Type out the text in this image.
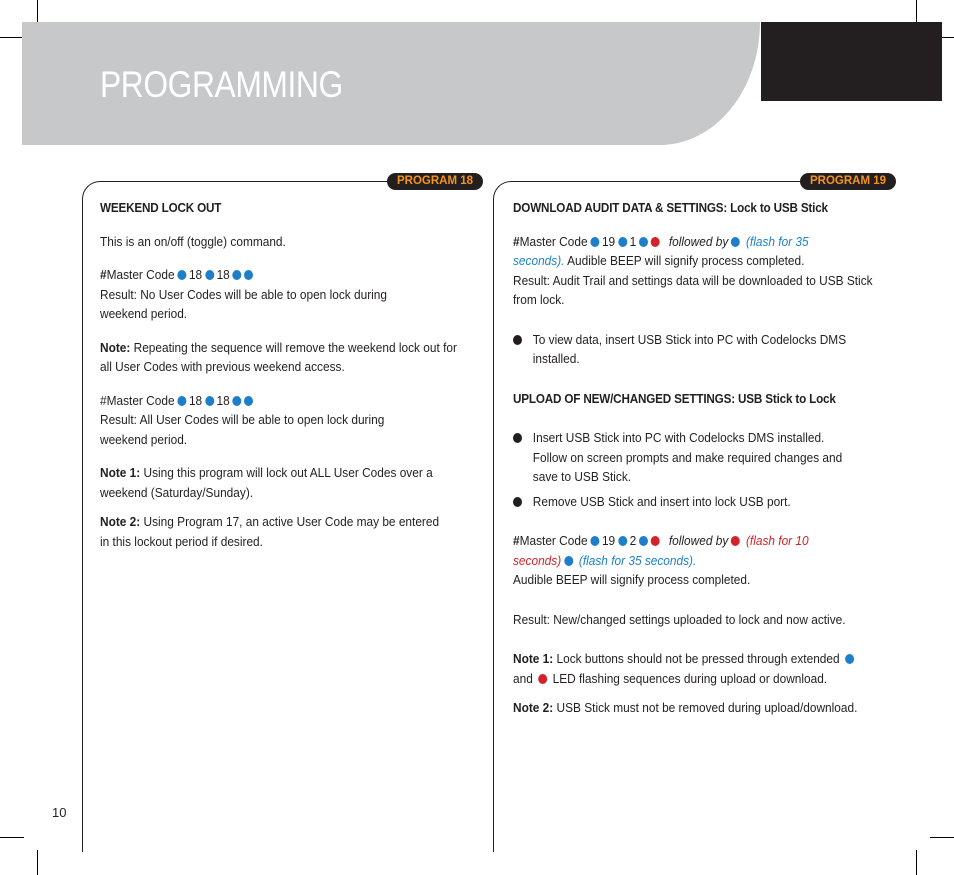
PROGRAMMING
PROGRAM 18	PROGRAM 19

WEEKEND LOCK OUT

This is an on/off (toggle) command.

#Master Code 18 18

Result: No User Codes will be able to open lock during

weekend period.

Note: Repeating the sequence will remove the weekend lock out for

all User Codes with previous weekend access.

#Master Code 18 18

Result: All User Codes will be able to open lock during

weekend period.

Note 1: Using this program will lock out ALL User Codes over a

weekend (Saturday/Sunday).

Note 2: Using Program 17, an active User Code may be entered

in this lockout period if desired.

DOWNLOAD AUDIT DATA & SETTINGS: Lock to USB Stick

#Master Code 19 1 followed by (flash for 35

seconds). Audible BEEP will signify process completed.

Result: Audit Trail and settings data will be downloaded to USB Stick

from lock.

To view data, insert USB Stick into PC with Codelocks DMS

installed.

UPLOAD OF NEW/CHANGED SETTINGS: USB Stick to Lock

Insert USB Stick into PC with Codelocks DMS installed.

Follow on screen prompts and make required changes and

save to USB Stick.

Remove USB Stick and insert into lock USB port.

#Master Code 19 2 followed by (flash for 10

seconds) (flash for 35 seconds).

Audible BEEP will signify process completed.

Result: New/changed settings uploaded to lock and now active.

Note 1: Lock buttons should not be pressed through extended

and LED flashing sequences during upload or download.

Note 2: USB Stick must not be removed during upload/download.

10
